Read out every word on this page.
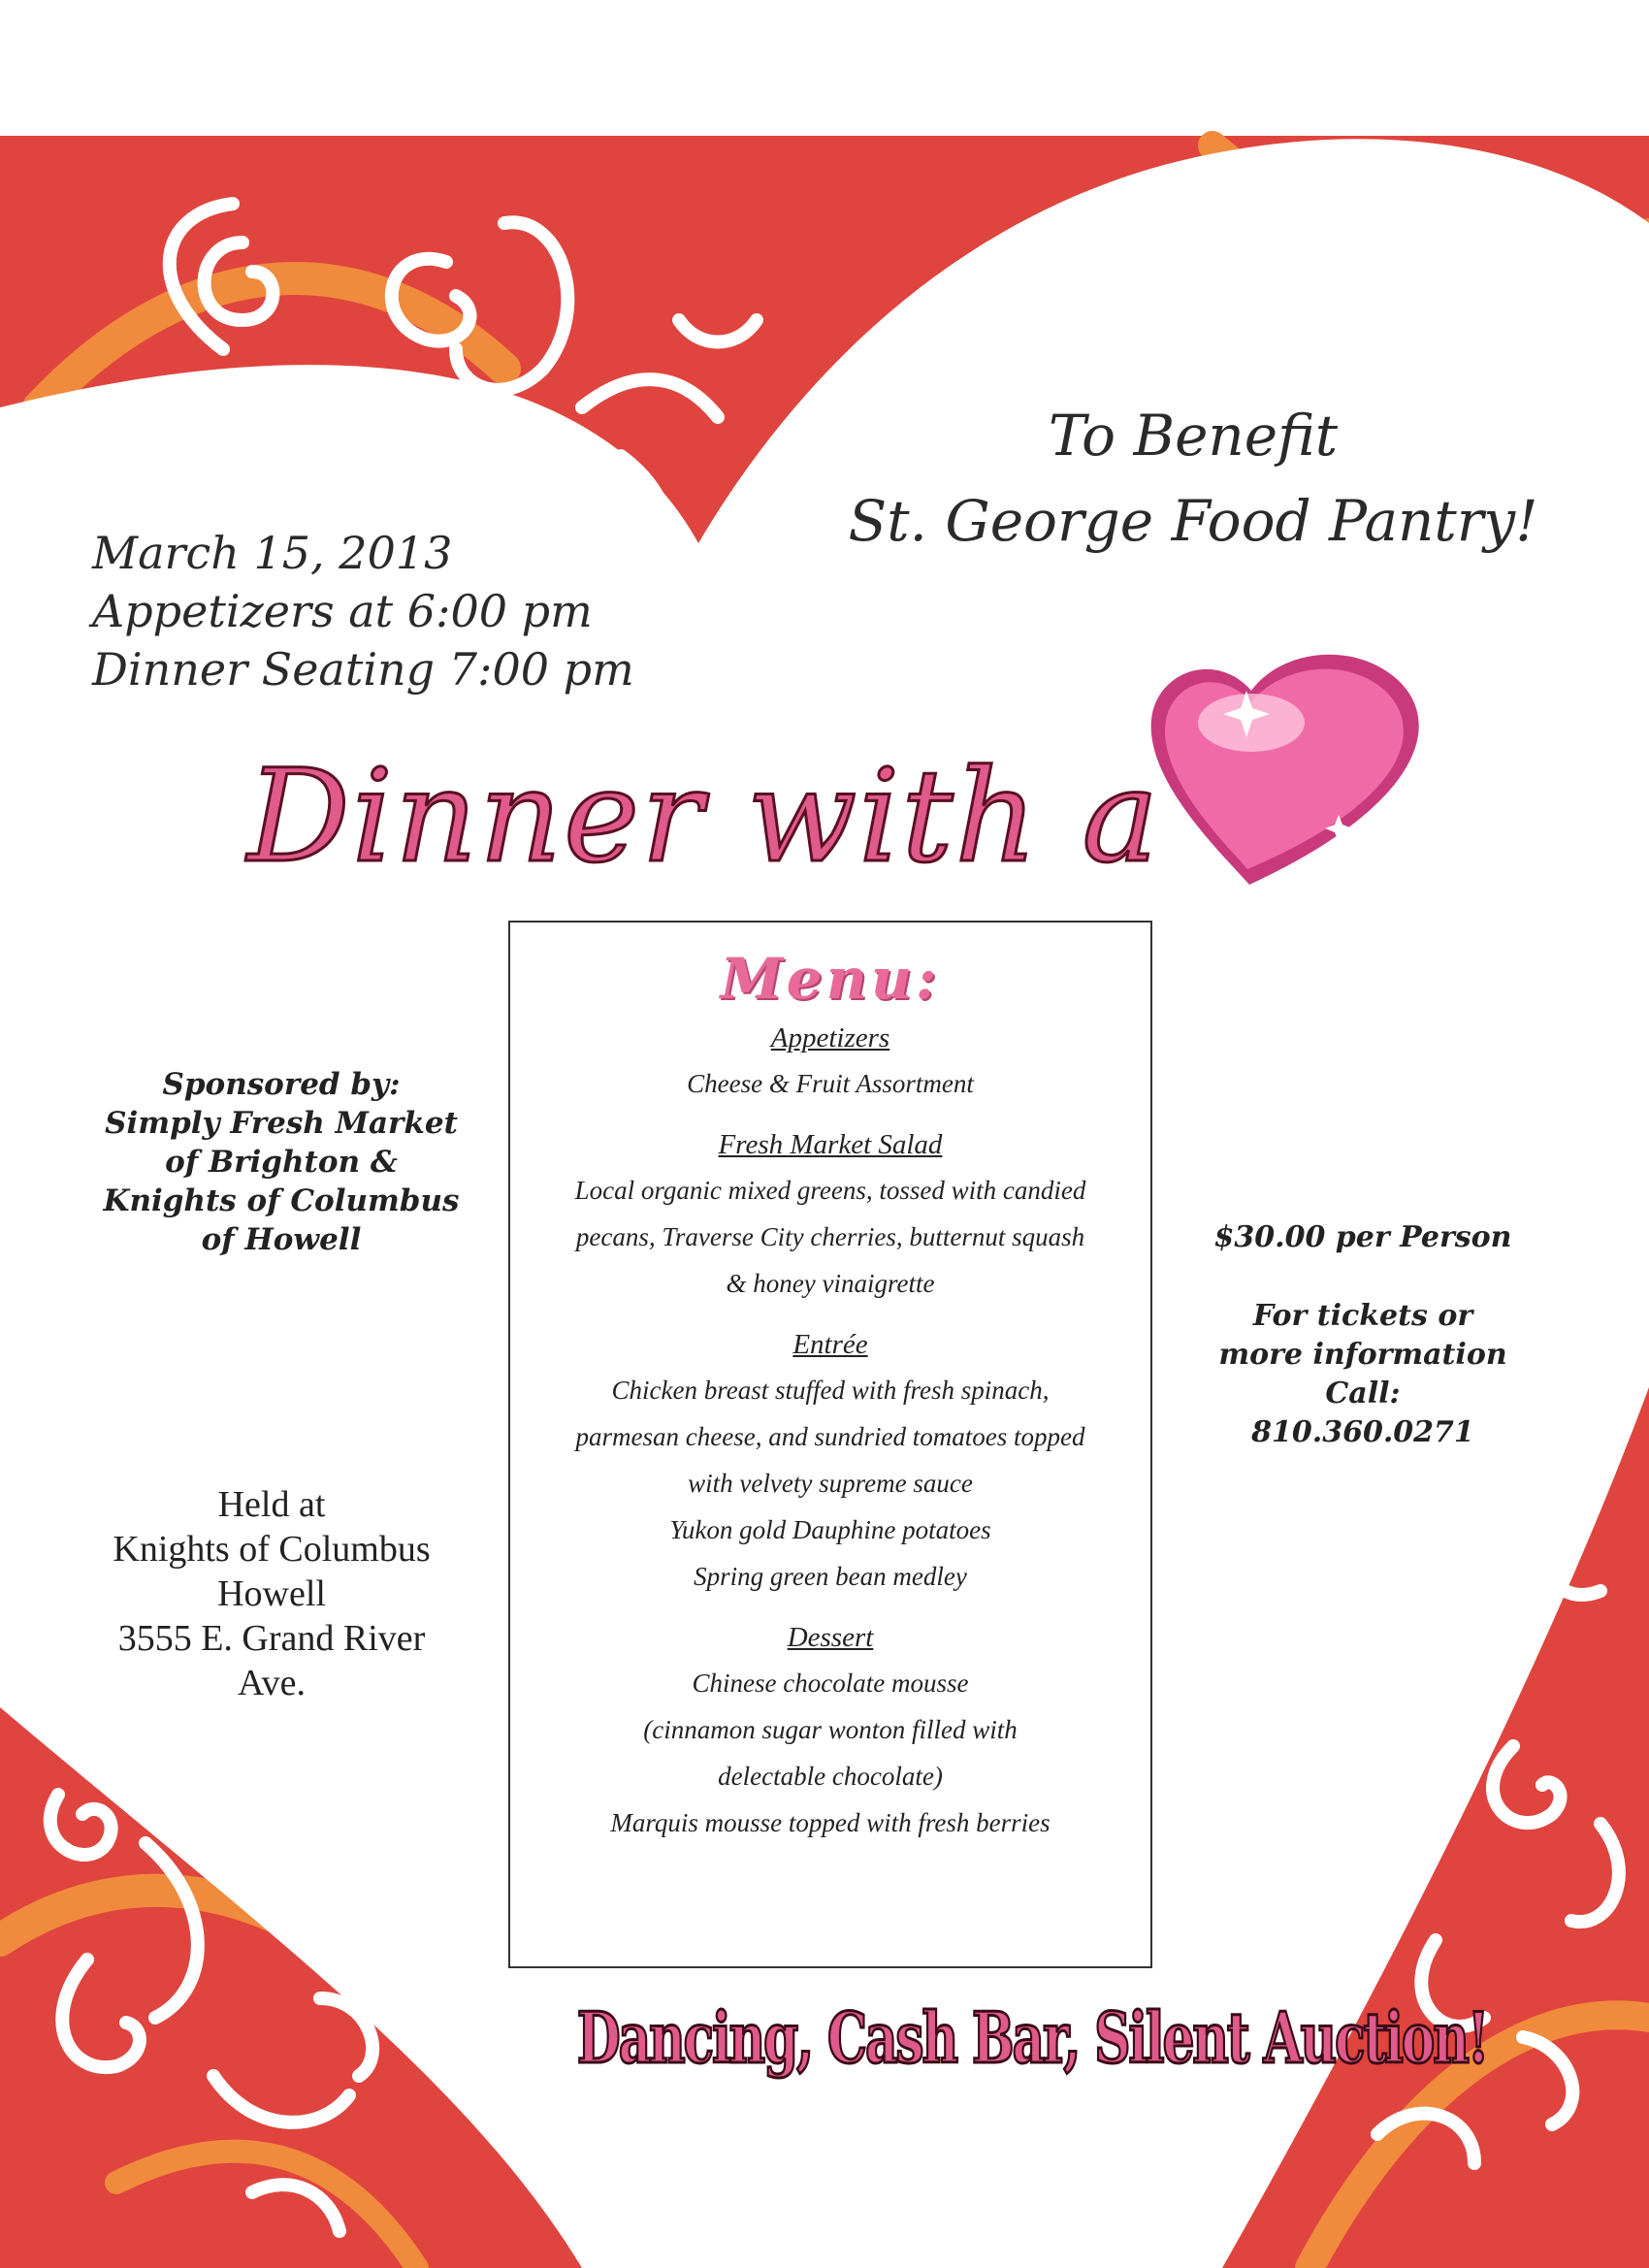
To Benefit
St. George Food Pantry!
March 15, 2013
Appetizers at 6:00 pm
Dinner Seating 7:00 pm
Dinner with a
Sponsored by:
Simply Fresh Market
of Brighton &
Knights of Columbus
of Howell
Held at
Knights of Columbus
Howell
3555 E. Grand River
Ave.
$30.00 per Person
For tickets or
more information
Call:
810.360.0271
Menu:
Appetizers
Cheese & Fruit Assortment
Fresh Market Salad
Local organic mixed greens, tossed with candied
pecans, Traverse City cherries, butternut squash
& honey vinaigrette
Entrée
Chicken breast stuffed with fresh spinach,
parmesan cheese, and sundried tomatoes topped
with velvety supreme sauce
Yukon gold Dauphine potatoes
Spring green bean medley
Dessert
Chinese chocolate mousse
(cinnamon sugar wonton filled with
delectable chocolate)
Marquis mousse topped with fresh berries
Dancing, Cash Bar, Silent Auction!
